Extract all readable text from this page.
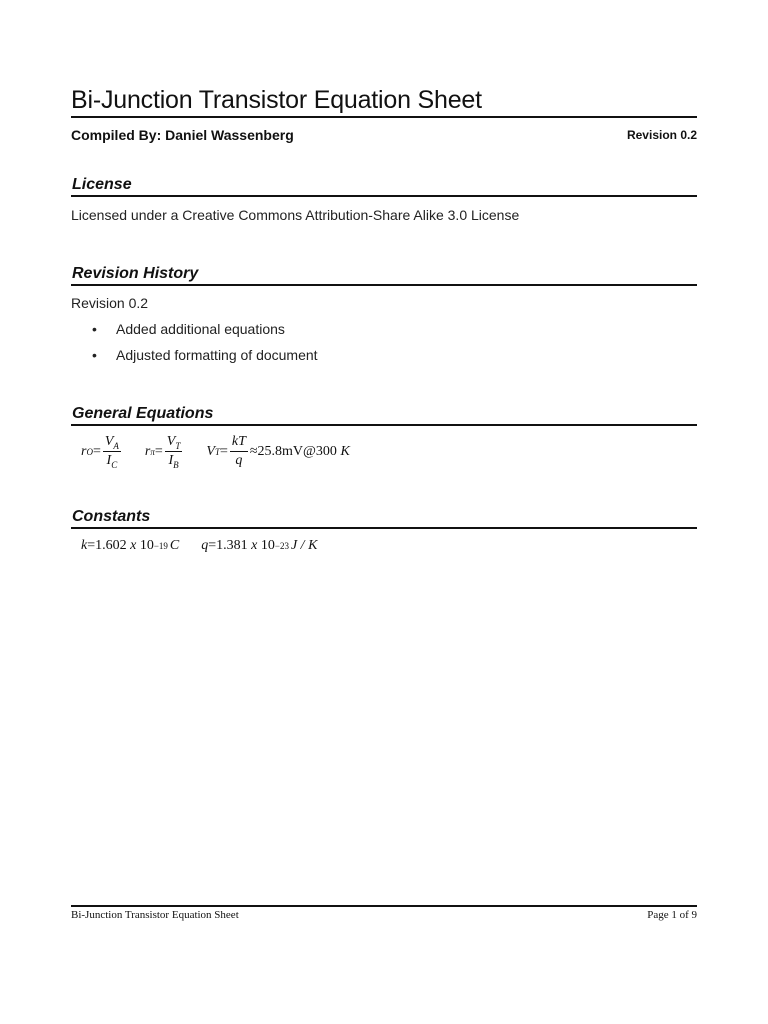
Bi-Junction Transistor Equation Sheet
Compiled By: Daniel Wassenberg	Revision 0.2
License
Licensed under a Creative Commons Attribution-Share Alike 3.0 License
Revision History
Revision 0.2
• Added additional equations
• Adjusted formatting of document
General Equations
r $O = \frac{V_A}{I_C}$ r $\pi = \frac{V_T}{I_B}$ V $T = \frac{kT}{q}$ ≈25.8mV@300
K
Constants
k = 1.602
x
10 −19 C q = 1.381
x
10 −23 J / K
Bi-Junction Transistor Equation Sheet	Page 1 of 9
